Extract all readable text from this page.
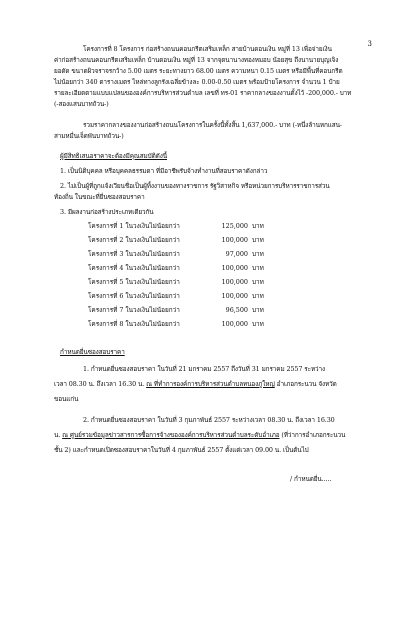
3
โครงการที่ 8 โครงการ ก่อสร้างถนนคอนกรีตเสริมเหล็ก สายบ้านดอนเงิน หมู่ที่ 13 เพื่อจ่ายเงิน
ค่าก่อสร้างถนนคอนกรีตเสริมเหล็ก บ้านดอนเงิน หมู่ที่ 13 จากจุดนานางทองหมอบ น้อยสุข ถึงนานายบุญเจิง
ยอดัด ขนาดผิวจราจรกว้าง 5.00 เมตร ระยะทางยาว 68.00 เมตร ความหนา 0.15 เมตร หรือมีพื้นที่คอนกรีต
ไม่น้อยกว่า 340 ตารางเมตร ไหล่ทางลูกรังเฉลี่ยข้างละ 0.00-0.50 เมตร พร้อมป้ายโครงการ จำนวน 1 ป้าย
รายละเอียดตามแบบแปลนขององค์การบริหารส่วนตำบล เลขที่ ทร-01 ราคากลางของงานตั้งไว้ -200,000.- บาท
(-สองแสนบาทถ้วน-)
รวมราคากลางของงานก่อสร้างถนนโครงการในครั้งนี้ทั้งสิ้น 1,637,000.- บาท (-หนึ่งล้านหกแสน-
สามหมื่นเจ็ดพันบาทถ้วน-)
ผู้มีสิทธิเสนอราคาจะต้องมีคุณสมบัติดังนี้
1. เป็นนิติบุคคล หรือบุคคลธรรมดา ที่มีอาชีพรับจ้างทำงานที่สอบราคาดังกล่าว
2. ไม่เป็นผู้ที่ถูกแจ้งเวียนชื่อเป็นผู้ทิ้งงานของทางราชการ รัฐวิสาหกิจ หรือหน่วยการบริหารราชการส่วน
ท้องถิ่น ในขณะที่ยื่นซองสอบราคา
3. มีผลงานก่อสร้างประเภทเดียวกัน
โครงการที่ 1 ในวงเงินไม่น้อยกว่า	125,000 บาท
โครงการที่ 2 ในวงเงินไม่น้อยกว่า	100,000 บาท
โครงการที่ 3 ในวงเงินไม่น้อยกว่า	97,000 บาท
โครงการที่ 4 ในวงเงินไม่น้อยกว่า	100,000 บาท
โครงการที่ 5 ในวงเงินไม่น้อยกว่า	100,000 บาท
โครงการที่ 6 ในวงเงินไม่น้อยกว่า	100,000 บาท
โครงการที่ 7 ในวงเงินไม่น้อยกว่า	96,500 บาท
โครงการที่ 8 ในวงเงินไม่น้อยกว่า	100,000 บาท
กำหนดยื่นซองสอบราคา
1. กำหนดยื่นซองสอบราคา ในวันที่ 21 มกราคม 2557 ถึงวันที่ 31 มกราคม 2557 ระหว่าง
เวลา 08.30 น. ถึงเวลา 16.30 น. ณ ที่ทำการองค์การบริหารส่วนตำบลทนองภูใหญ่ อำเภอกระนวน จังหวัด
ขอนแก่น
2. กำหนดยื่นซองสอบราคา ในวันที่ 3 กุมภาพันธ์ 2557 ระหว่างเวลา 08.30 น. ถึงเวลา 16.30
น. ณ ศูนย์รวมข้อมูลข่าวสารการซื้อการจ้างขององค์การบริหารส่วนตำบลระดับอำเภอ (ที่ว่าการอำเภอกระนวน
ชั้น 2) และกำหนดเปิดซองสอบราคาในวันที่ 4 กุมภาพันธ์ 2557 ตั้งแต่เวลา 09.00 น. เป็นต้นไป
/ กำหนดยื่น.....
